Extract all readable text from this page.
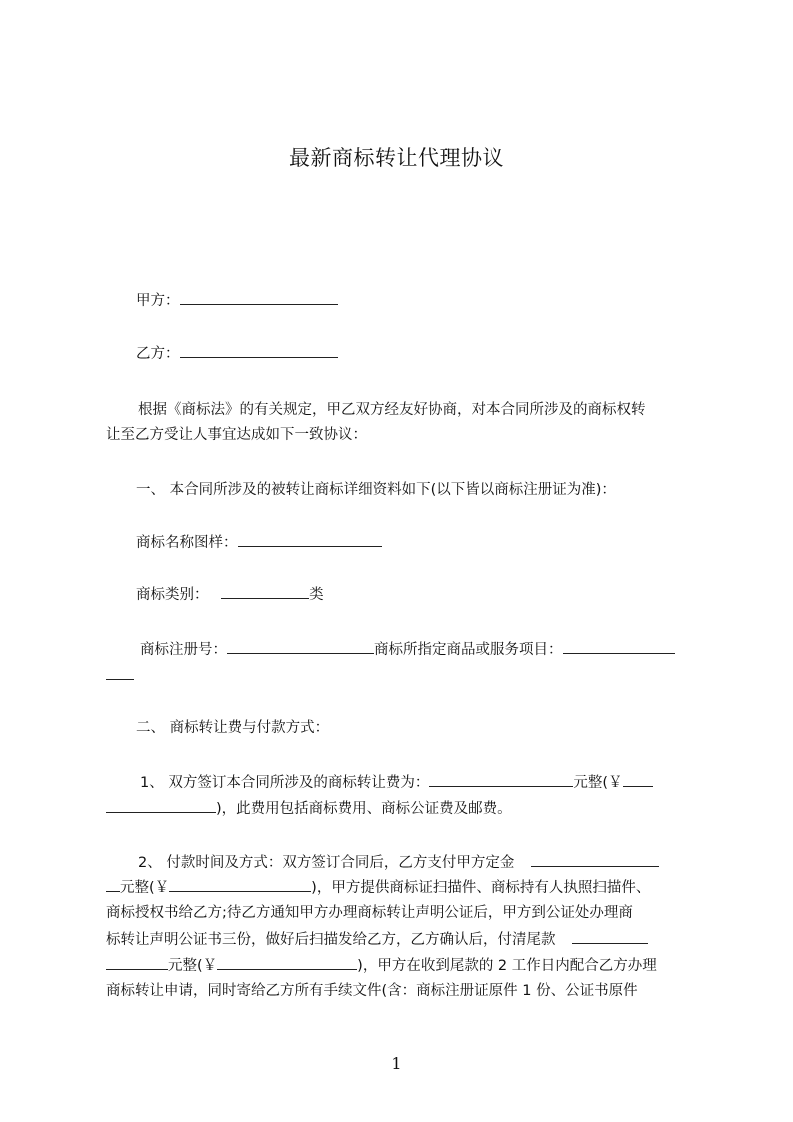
最新商标转让代理协议
甲方：
乙方：
根据《商标法》的有关规定，甲乙双方经友好协商，对本合同所涉及的商标权转
让至乙方受让人事宜达成如下一致协议：
一、 本合同所涉及的被转让商标详细资料如下(以下皆以商标注册证为准)：
商标名称图样：
商标类别：	类
商标注册号：	商标所指定商品或服务项目：
二、 商标转让费与付款方式：
1、 双方签订本合同所涉及的商标转让费为：	元整(￥
)，此费用包括商标费用、商标公证费及邮费。
2、 付款时间及方式：双方签订合同后，乙方支付甲方定金
元整(￥	)，甲方提供商标证扫描件、商标持有人执照扫描件、
商标授权书给乙方;待乙方通知甲方办理商标转让声明公证后，甲方到公证处办理商
标转让声明公证书三份，做好后扫描发给乙方，乙方确认后，付清尾款
元整(￥	)，甲方在收到尾款的 2 工作日内配合乙方办理
商标转让申请，同时寄给乙方所有手续文件(含：商标注册证原件 1 份、公证书原件
1
